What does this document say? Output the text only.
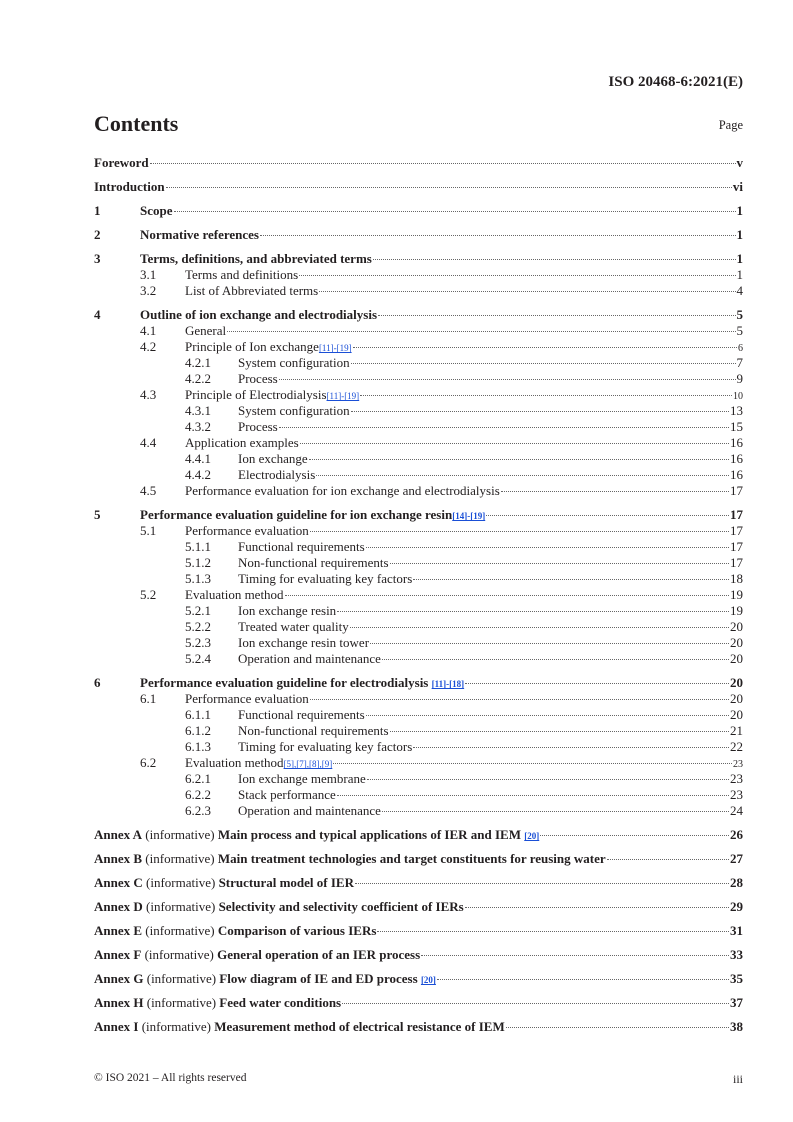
ISO 20468-6:2021(E)
Contents	Page
Foreword	v
Introduction	vi
1	Scope	1
2	Normative references	1
3	Terms, definitions, and abbreviated terms	1
3.1	Terms and definitions	1
3.2	List of Abbreviated terms	4
4	Outline of ion exchange and electrodialysis	5
4.1	General	5
4.2	Principle of Ion exchange [11]-[19]	6
4.2.1	System configuration	7
4.2.2	Process	9
4.3	Principle of Electrodialysis [11]-[19]	10
4.3.1	System configuration	13
4.3.2	Process	15
4.4	Application examples	16
4.4.1	Ion exchange	16
4.4.2	Electrodialysis	16
4.5	Performance evaluation for ion exchange and electrodialysis	17
5	Performance evaluation guideline for ion exchange resin [14]-[19]	17
5.1	Performance evaluation	17
5.1.1	Functional requirements	17
5.1.2	Non-functional requirements	17
5.1.3	Timing for evaluating key factors	18
5.2	Evaluation method	19
5.2.1	Ion exchange resin	19
5.2.2	Treated water quality	20
5.2.3	Ion exchange resin tower	20
5.2.4	Operation and maintenance	20
6	Performance evaluation guideline for electrodialysis [11]-[18]	20
6.1	Performance evaluation	20
6.1.1	Functional requirements	20
6.1.2	Non-functional requirements	21
6.1.3	Timing for evaluating key factors	22
6.2	Evaluation method [5],[7],[8],[9]	23
6.2.1	Ion exchange membrane	23
6.2.2	Stack performance	23
6.2.3	Operation and maintenance	24
Annex A (informative) Main process and typical applications of IER and IEM [20]	26
Annex B (informative) Main treatment technologies and target constituents for reusing water	27
Annex C (informative) Structural model of IER	28
Annex D (informative) Selectivity and selectivity coefficient of IERs	29
Annex E (informative) Comparison of various IERs	31
Annex F (informative) General operation of an IER process	33
Annex G (informative) Flow diagram of IE and ED process [20]	35
Annex H (informative) Feed water conditions	37
Annex I (informative) Measurement method of electrical resistance of IEM	38
© ISO 2021 – All rights reserved	iii
